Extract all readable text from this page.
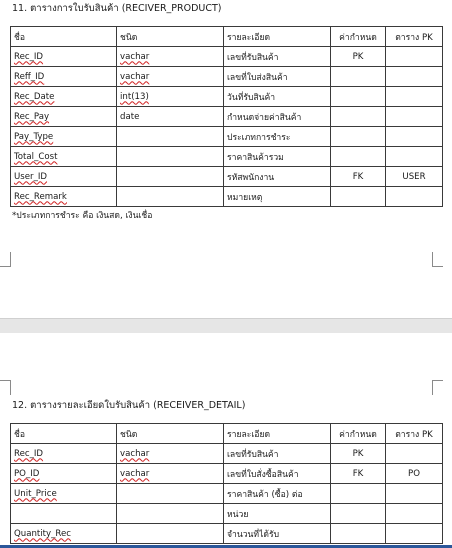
11. ตารางการใบรับสินค้า (RECIVER_PRODUCT)
ชื่อ	ชนิด	รายละเอียด	ค่ากำหนด	ตาราง PK
Rec_ID	vachar	เลขที่รับสินค้า	PK	
Reff_ID	vachar	เลขที่ใบส่งสินค้า		
Rec_Date	int(13)	วันที่รับสินค้า		
Rec_Pay	date	กำหนดจ่ายค่าสินค้า		
Pay_Type		ประเภทการชำระ		
Total_Cost		ราคาสินค้ารวม		
User_ID		รหัสพนักงาน	FK	USER
Rec_Remark		หมายเหตุ		
*ประเภทการชำระ คือ เงินสด, เงินเชื่อ
12. ตารางรายละเอียดใบรับสินค้า (RECEIVER_DETAIL)
ชื่อ	ชนิด	รายละเอียด	ค่ากำหนด	ตาราง PK
Rec_ID	vachar	เลขที่รับสินค้า	PK	
PO_ID	vachar	เลขที่ใบสั่งซื้อสินค้า	FK	PO
Unit_Price		ราคาสินค้า (ซื้อ) ต่อ		
		หน่วย		
Quantity_Rec		จำนวนที่ได้รับ		
